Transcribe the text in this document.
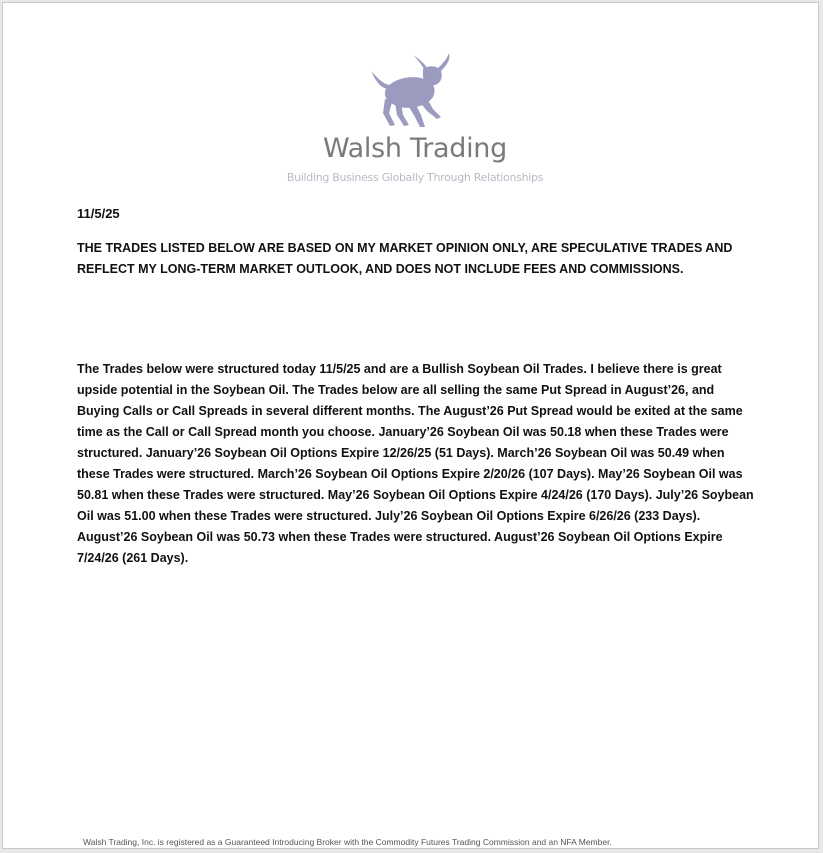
Walsh Trading
Building Business Globally Through Relationships
11/5/25
THE TRADES LISTED BELOW ARE BASED ON MY MARKET OPINION ONLY, ARE SPECULATIVE TRADES AND REFLECT MY LONG-TERM MARKET OUTLOOK, AND DOES NOT INCLUDE FEES AND COMMISSIONS.
The Trades below were structured today 11/5/25 and are a Bullish Soybean Oil Trades. I believe there is great upside potential in the Soybean Oil. The Trades below are all selling the same Put Spread in August’26, and Buying Calls or Call Spreads in several different months. The August’26 Put Spread would be exited at the same time as the Call or Call Spread month you choose. January’26 Soybean Oil was 50.18 when these Trades were structured. January’26 Soybean Oil Options Expire 12/26/25 (51 Days). March’26 Soybean Oil was 50.49 when these Trades were structured. March’26 Soybean Oil Options Expire 2/20/26 (107 Days). May’26 Soybean Oil was 50.81 when these Trades were structured. May’26 Soybean Oil Options Expire 4/24/26 (170 Days). July’26 Soybean Oil was 51.00 when these Trades were structured. July’26 Soybean Oil Options Expire 6/26/26 (233 Days). August’26 Soybean Oil was 50.73 when these Trades were structured. August’26 Soybean Oil Options Expire 7/24/26 (261 Days).
Walsh Trading, Inc. is registered as a Guaranteed Introducing Broker with the Commodity Futures Trading Commission and an NFA Member.
